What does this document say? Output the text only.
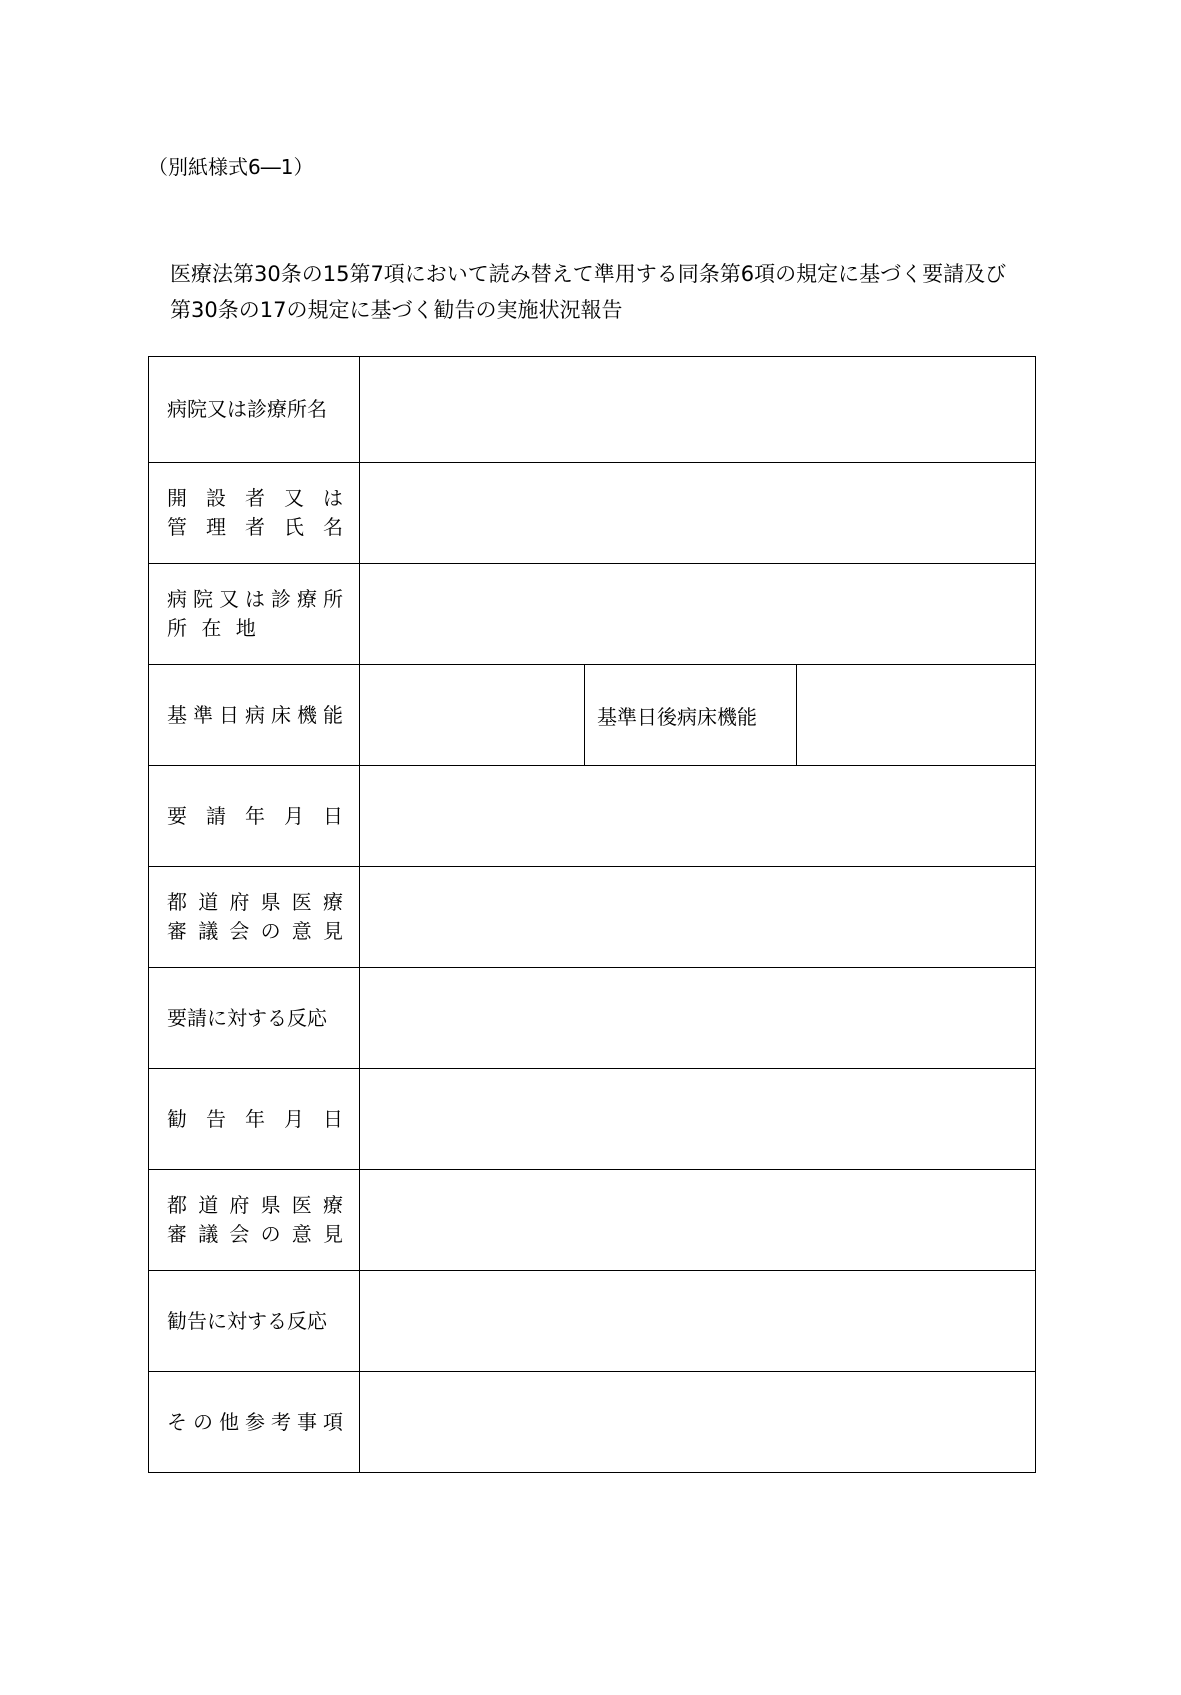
（別紙様式6―1）
医療法第30条の15第7項において読み替えて準用する同条第6項の規定に基づく要請及び
第30条の17の規定に基づく勧告の実施状況報告
病院又は診療所名			

開 設 者 又 は
管 理 者 氏 名			

病院又は診療所
所 在 地			

基準日病床機能		基準日後病床機能	

要 請 年 月 日			

都道府県医療
審議会の意見			

要請に対する反応			

勧 告 年 月 日			

都道府県医療
審議会の意見			

勧告に対する反応			

その他参考事項			
